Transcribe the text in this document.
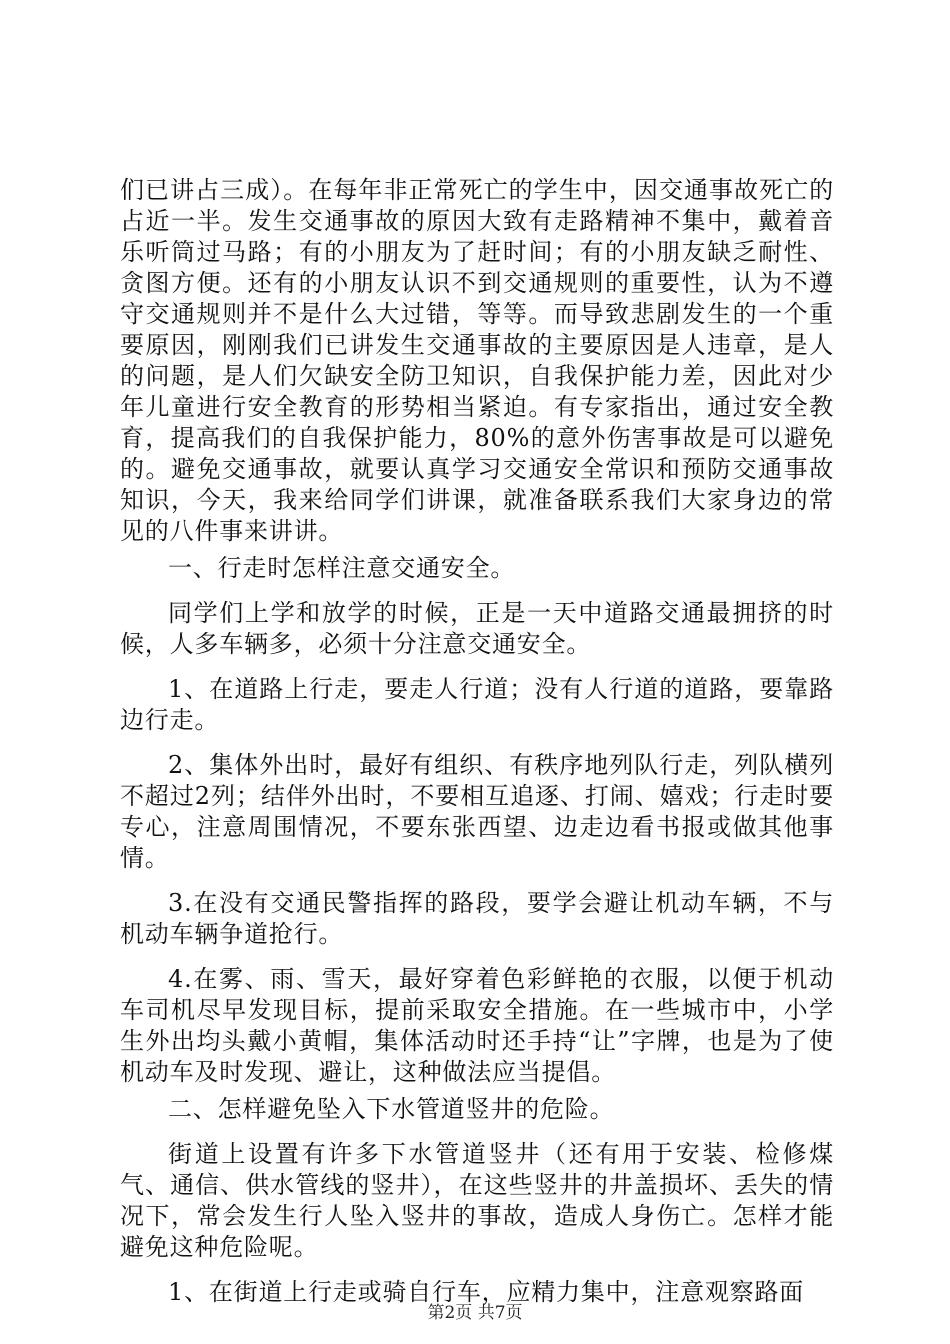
们已讲占三成）。在每年非正常死亡的学生中，因交通事故死亡的占近一半。发生交通事故的原因大致有走路精神不集中，戴着音乐听筒过马路；有的小朋友为了赶时间；有的小朋友缺乏耐性、贪图方便。还有的小朋友认识不到交通规则的重要性，认为不遵守交通规则并不是什么大过错，等等。而导致悲剧发生的一个重要原因，刚刚我们已讲发生交通事故的主要原因是人违章，是人的问题，是人们欠缺安全防卫知识，自我保护能力差，因此对少年儿童进行安全教育的形势相当紧迫。有专家指出，通过安全教育，提高我们的自我保护能力，80%的意外伤害事故是可以避免的。避免交通事故，就要认真学习交通安全常识和预防交通事故知识，今天，我来给同学们讲课，就准备联系我们大家身边的常见的八件事来讲讲。

一、行走时怎样注意交通安全。

同学们上学和放学的时候，正是一天中道路交通最拥挤的时候，人多车辆多，必须十分注意交通安全。

1、在道路上行走，要走人行道；没有人行道的道路，要靠路边行走。

2、集体外出时，最好有组织、有秩序地列队行走，列队横列不超过2列；结伴外出时，不要相互追逐、打闹、嬉戏；行走时要专心，注意周围情况，不要东张西望、边走边看书报或做其他事情。

3.在没有交通民警指挥的路段，要学会避让机动车辆，不与机动车辆争道抢行。

4.在雾、雨、雪天，最好穿着色彩鲜艳的衣服，以便于机动车司机尽早发现目标，提前采取安全措施。在一些城市中，小学生外出均头戴小黄帽，集体活动时还手持“让”字牌，也是为了使机动车及时发现、避让，这种做法应当提倡。

二、怎样避免坠入下水管道竖井的危险。

街道上设置有许多下水管道竖井（还有用于安装、检修煤气、通信、供水管线的竖井），在这些竖井的井盖损坏、丢失的情况下，常会发生行人坠入竖井的事故，造成人身伤亡。怎样才能避免这种危险呢。

1、在街道上行走或骑自行车，应精力集中，注意观察路面

第2页 共7页
